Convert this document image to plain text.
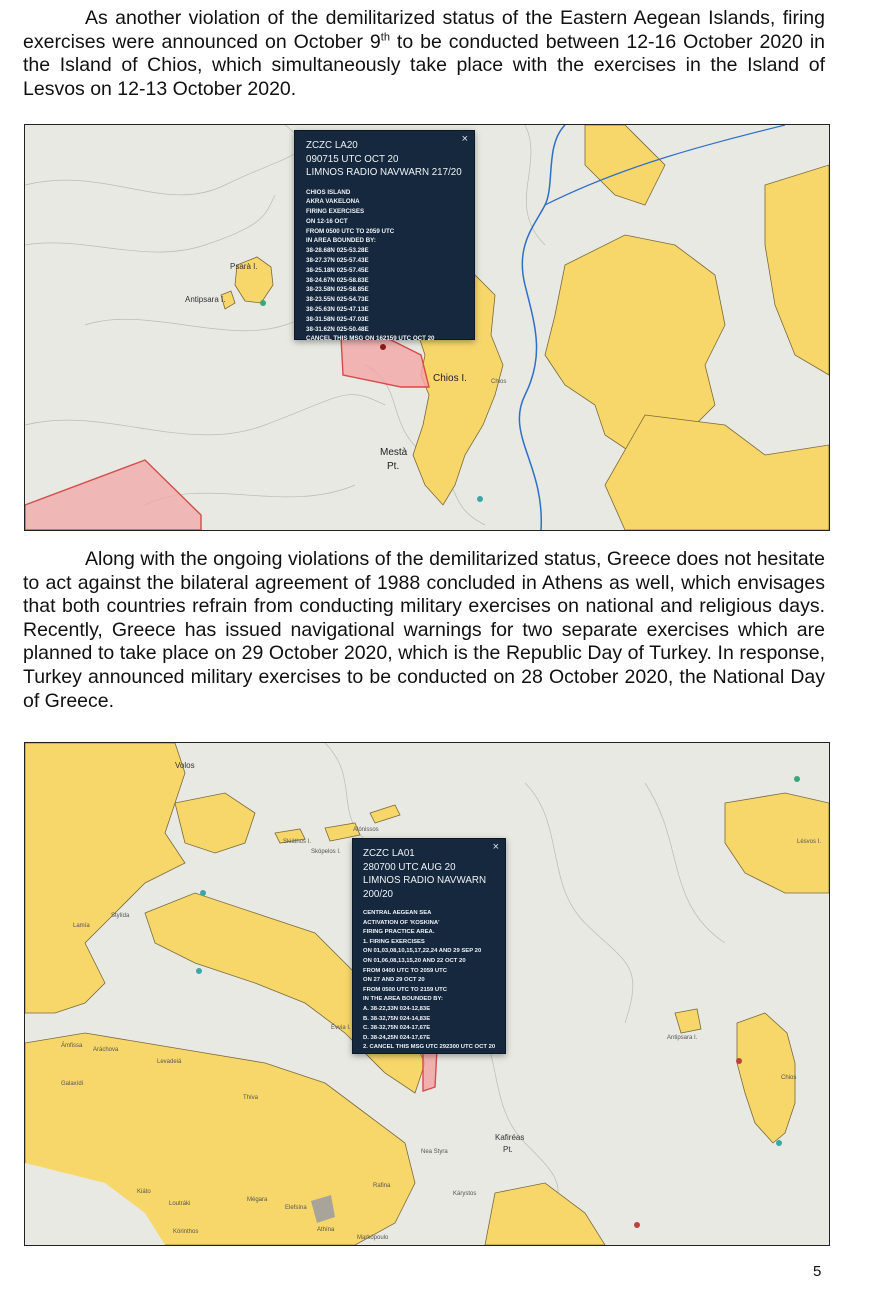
As another violation of the demilitarized status of the Eastern Aegean Islands, firing exercises were announced on October 9th to be conducted between 12-16 October 2020 in the Island of Chios, which simultaneously take place with the exercises in the Island of Lesvos on 12-13 October 2020.

Psarà I.
Antipsara I.
Chios I.	Chios
Mestà
Pt.
×
ZCZC LA20
090715 UTC OCT 20
LIMNOS RADIO NAVWARN 217/20
CHIOS ISLAND
AKRA VAKELONA
FIRING EXERCISES
ON 12-16 OCT
FROM 0500 UTC TO 2059 UTC
IN AREA BOUNDED BY:
38-28.68N 025-53.28E
38-27.37N 025-57.43E
38-25.18N 025-57.45E
38-24.67N 025-58.83E
38-23.58N 025-58.85E
38-23.55N 025-54.73E
38-25.63N 025-47.13E
38-31.58N 025-47.03E
38-31.62N 025-50.48E
CANCEL THIS MSG ON 162159 UTC OCT 20

Along with the ongoing violations of the demilitarized status, Greece does not hesitate to act against the bilateral agreement of 1988 concluded in Athens as well, which envisages that both countries refrain from conducting military exercises on national and religious days. Recently, Greece has issued navigational warnings for two separate exercises which are planned to take place on 29 October 2020, which is the Republic Day of Turkey. In response, Turkey announced military exercises to be conducted on 28 October 2020, the National Day of Greece.

Volos
Alónissos
Skiáthos I.
Skópelos I.
Lésvos I.
Lamía
Stylída
Évvia I.
Ámfissa
Aráchova
Levadeiá
Galaxídi
Thíva
Nea Styra
Kafiréas
Pt.
Rafina
Kárystos
Mégara
Elefsína
Athína
Loutráki
Kórinthos
Kiáto
Markópoulo
Antipsara I.
Chios
×
ZCZC LA01
280700 UTC AUG 20
LIMNOS RADIO NAVWARN 200/20
CENTRAL AEGEAN SEA
ACTIVATION OF 'KOSKINA'
FIRING PRACTICE AREA.
1. FIRING EXERCISES
ON 01,03,08,10,15,17,22,24 AND 29 SEP 20
ON 01,06,08,13,15,20 AND 22 OCT 20
FROM 0400 UTC TO 2059 UTC
ON 27 AND 29 OCT 20
FROM 0500 UTC TO 2159 UTC
IN THE AREA BOUNDED BY:
A. 38-22,33N 024-12,83E
B. 38-32,75N 024-14,83E
C. 38-32,75N 024-17,67E
D. 38-24,25N 024-17,67E
2. CANCEL THIS MSG UTC 292300 UTC OCT 20
5
